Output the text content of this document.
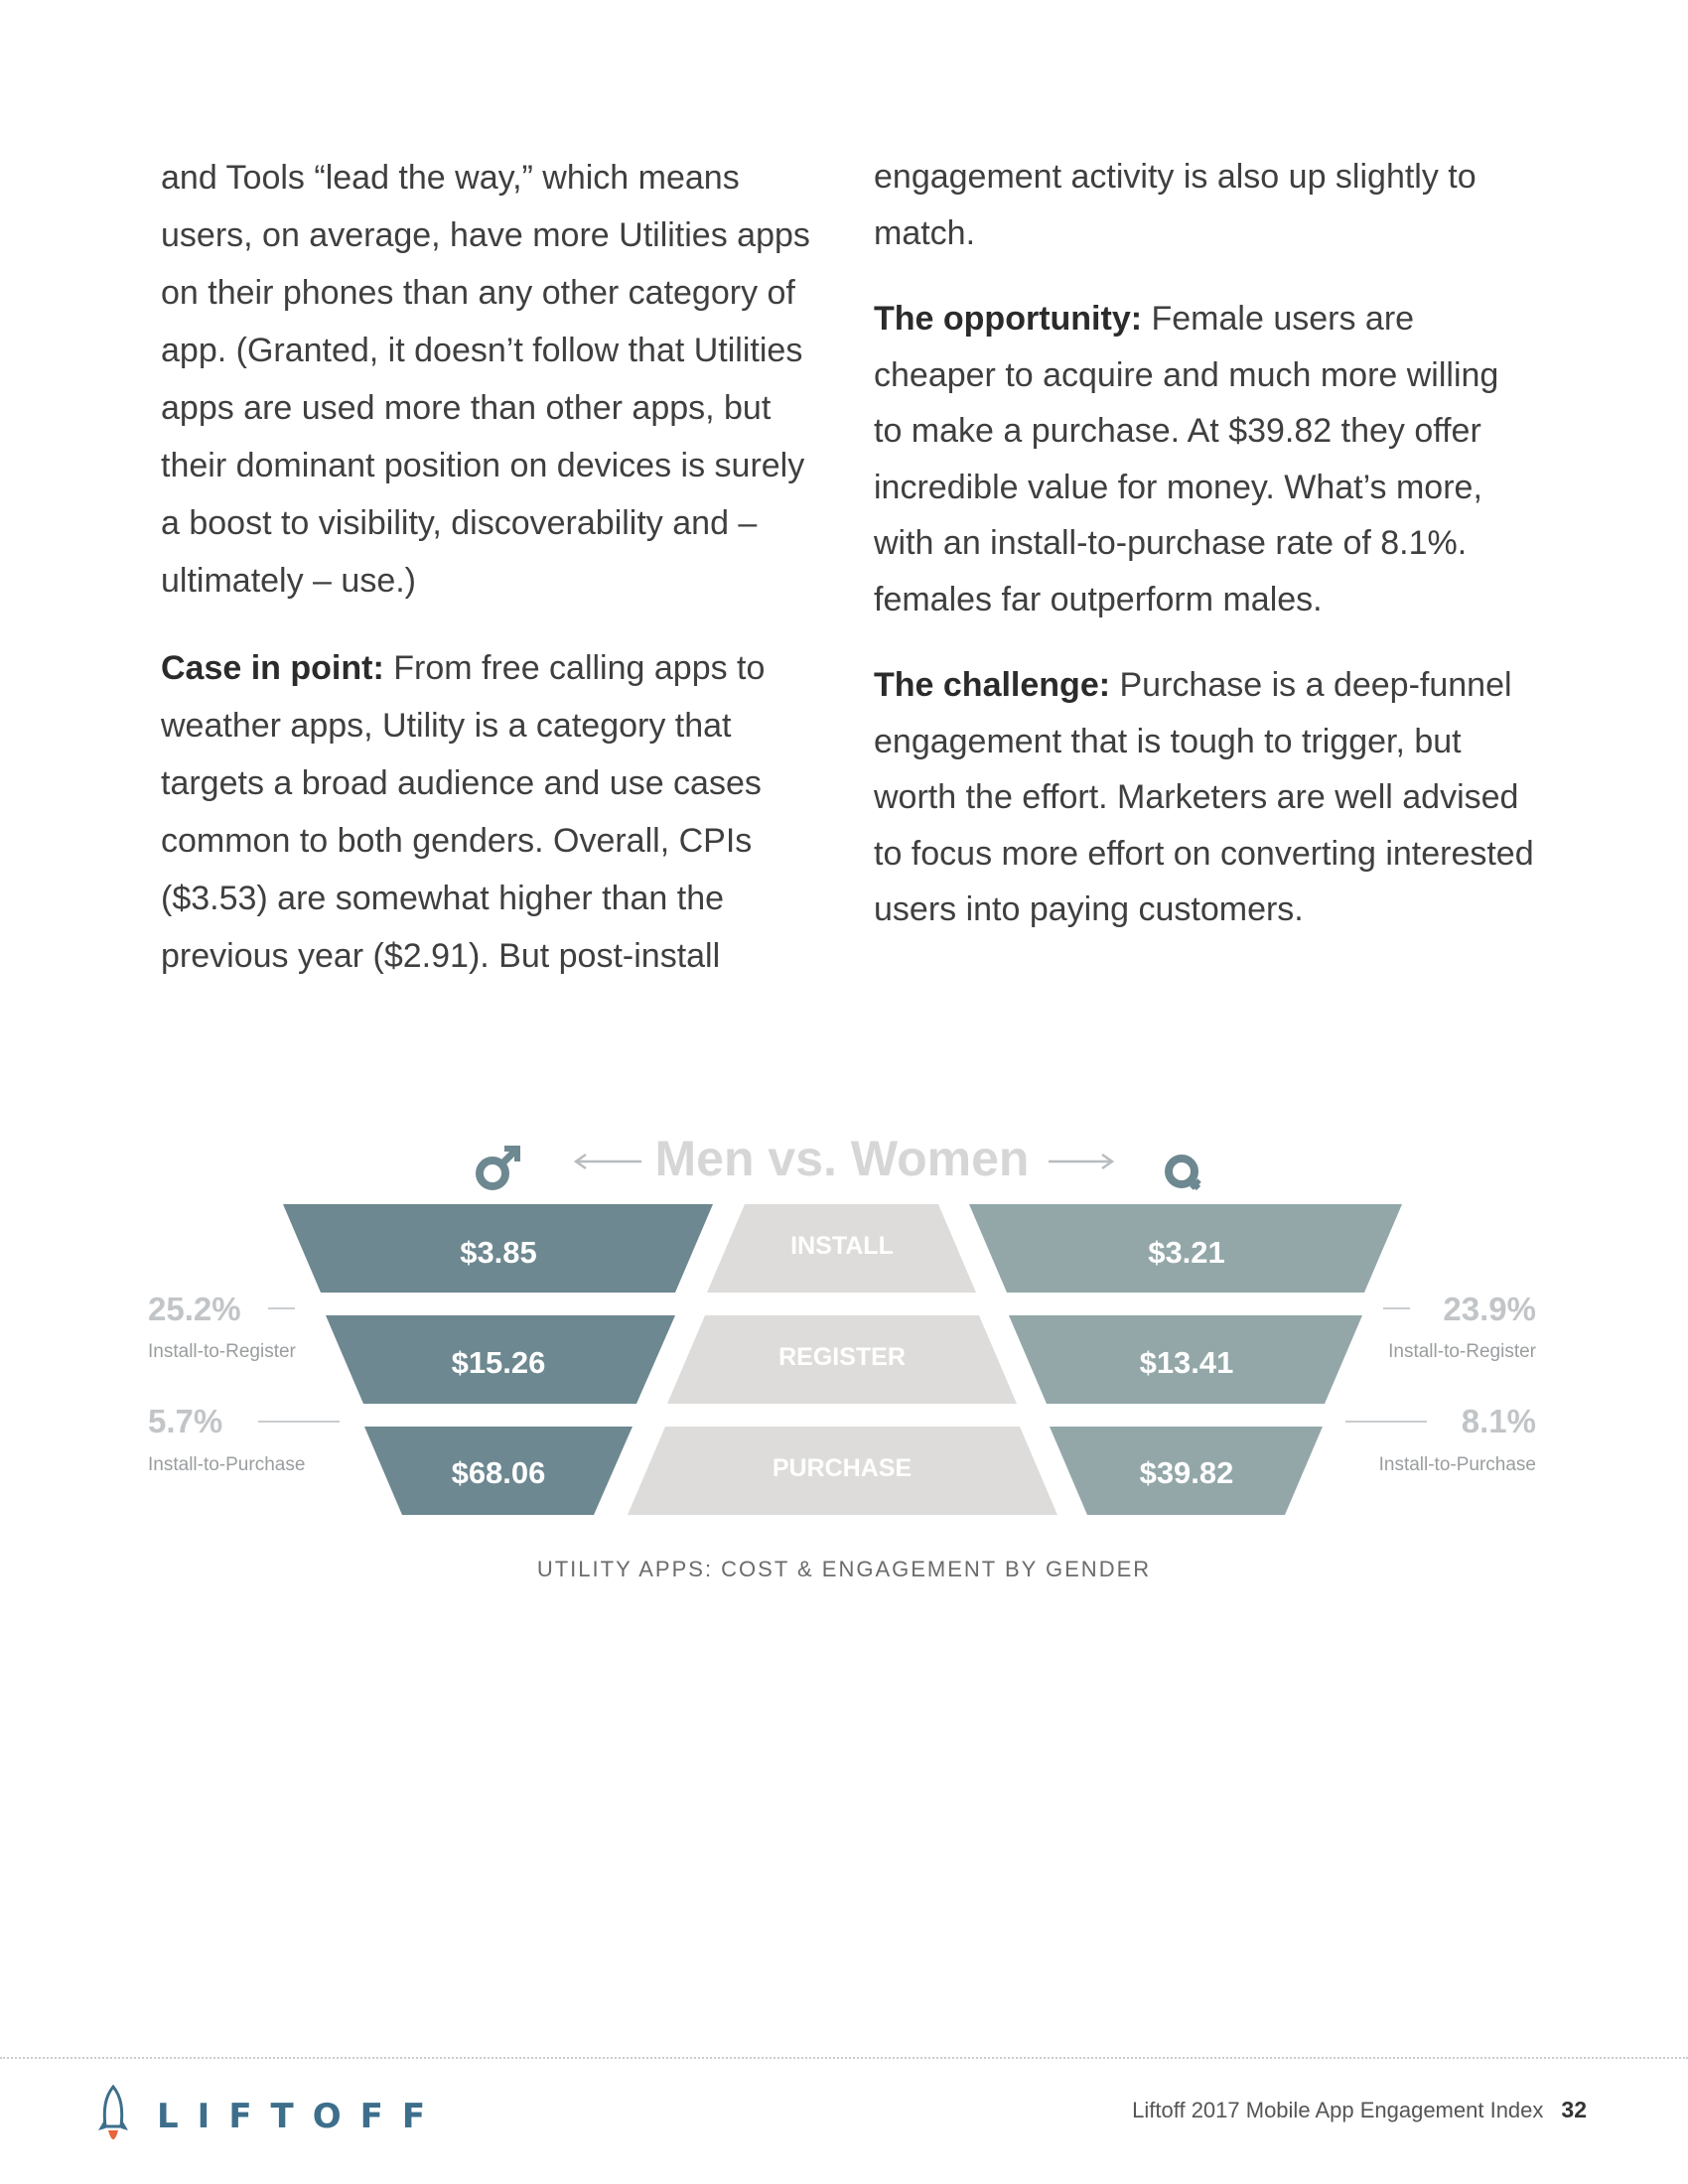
and Tools “lead the way,” which means users, on average, have more Utilities apps on their phones than any other category of app. (Granted, it doesn’t follow that Utilities apps are used more than other apps, but their dominant position on devices is surely a boost to visibility, discoverability and – ultimately – use.)

Case in point: From free calling apps to weather apps, Utility is a category that targets a broad audience and use cases common to both genders. Overall, CPIs ($3.53) are somewhat higher than the previous year ($2.91). But post-install

engagement activity is also up slightly to match.

The opportunity: Female users are cheaper to acquire and much more willing to make a purchase. At $39.82 they offer incredible value for money. What’s more, with an install-to-purchase rate of 8.1%. females far outperform males.

The challenge: Purchase is a deep-funnel engagement that is tough to trigger, but worth the effort. Marketers are well advised to focus more effort on converting interested users into paying customers.

Men vs. Women
$3.85	INSTALL	$3.21
$15.26	REGISTER	$13.41
$68.06	PURCHASE	$39.82
25.2%
Install-to-Register
5.7%
Install-to-Purchase
23.9%
Install-to-Register
8.1%
Install-to-Purchase
UTILITY APPS: COST & ENGAGEMENT BY GENDER
LIFTOFF	Liftoff 2017 Mobile App Engagement Index 32
